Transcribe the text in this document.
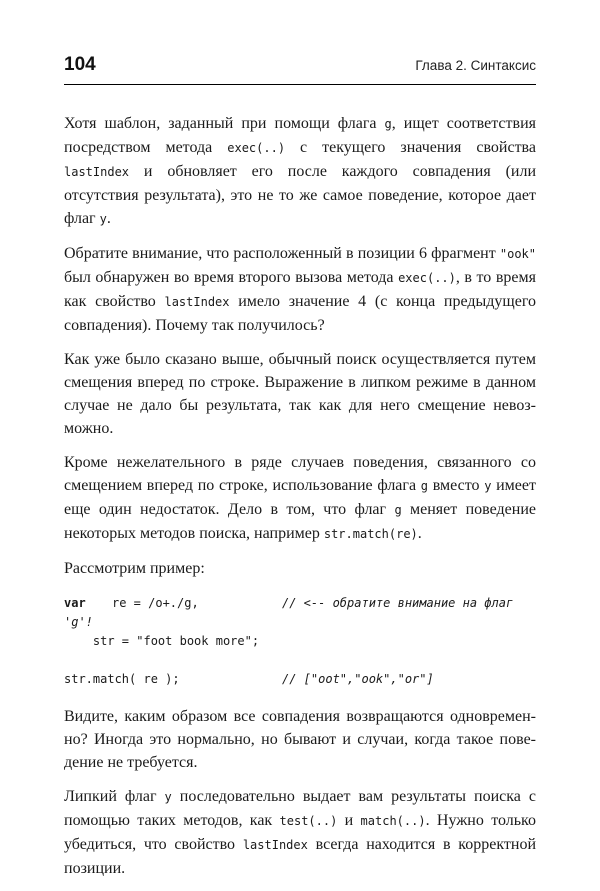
104	Глава 2. Синтаксис

Хотя шаблон, заданный при помощи флага g, ищет соответствия посредством метода exec(..) с текущего значения свойства lastIndex и обновляет его после каждого совпадения (или отсутствия результата), это не то же самое поведение, которое дает флаг y.

Обратите внимание, что расположенный в позиции 6 фрагмент "ook" был обнаружен во время второго вызова метода exec(..), в то время как свойство lastIndex имело значение 4 (с конца предыдущего совпадения). Почему так получилось?

Как уже было сказано выше, обычный поиск осуществляется путем смещения вперед по строке. Выражение в липком режиме в данном случае не дало бы результата, так как для него смещение невозможно.

Кроме нежелательного в ряде случаев поведения, связанного со смещением вперед по строке, использование флага g вместо y имеет еще один недостаток. Дело в том, что флаг g меняет поведение некоторых методов поиска, например str.match(re).

Рассмотрим пример:

var re = /o+./g,	// <-- обратите внимание на флаг
'g'!
str = "foot book more";
str.match( re );	// ["oot","ook","or"]

Видите, каким образом все совпадения возвращаются одновременно? Иногда это нормально, но бывают и случаи, когда такое поведение не требуется.

Липкий флаг y последовательно выдает вам результаты поиска с помощью таких методов, как test(..) и match(..). Нужно только убедиться, что свойство lastIndex всегда находится в корректной позиции.
